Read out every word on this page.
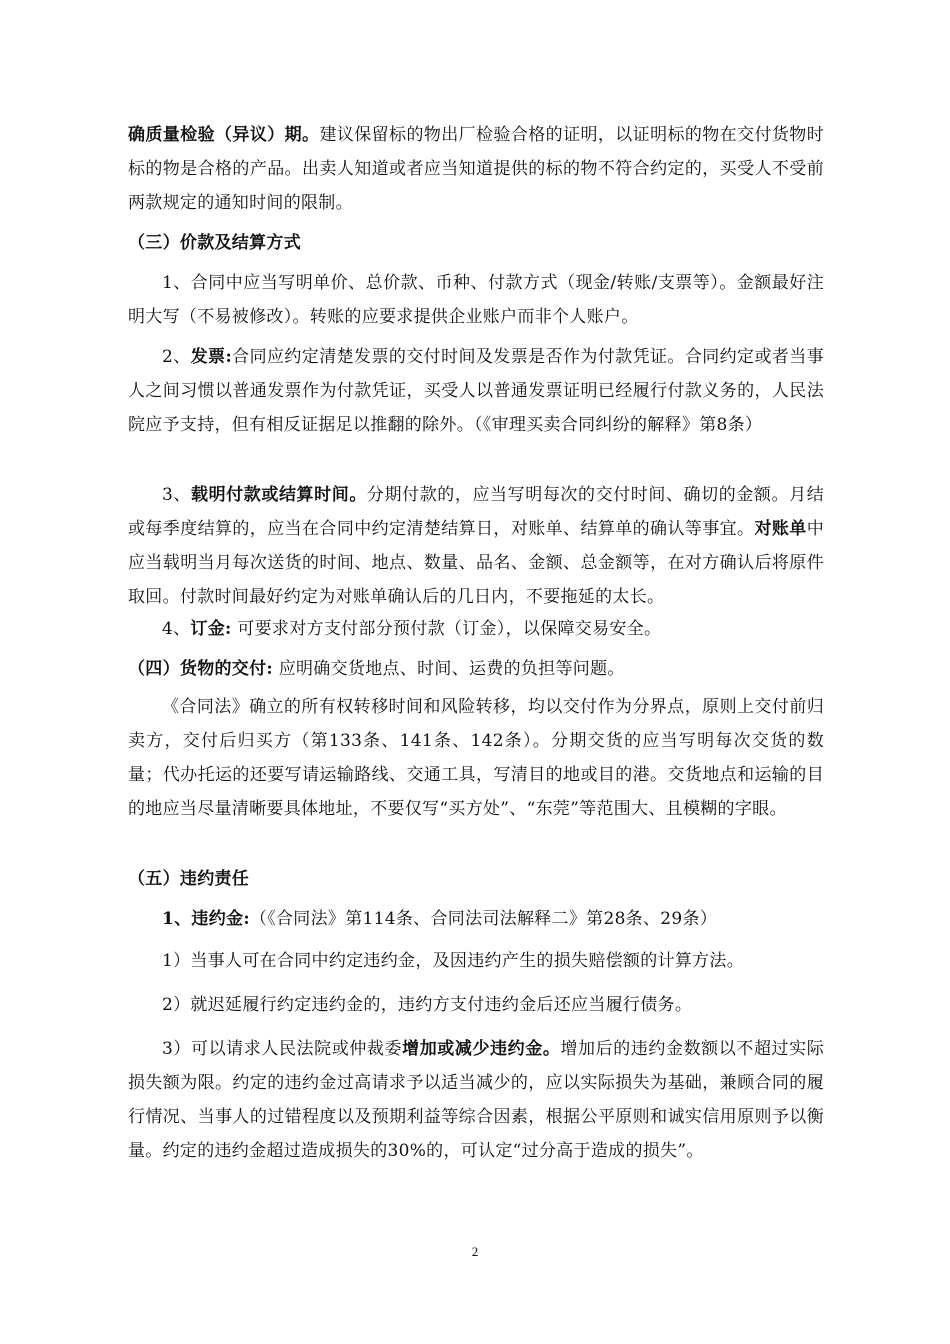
确质量检验（异议）期。建议保留标的物出厂检验合格的证明，以证明标的物在交付货物时标的物是合格的产品。出卖人知道或者应当知道提供的标的物不符合约定的，买受人不受前两款规定的通知时间的限制。

（三）价款及结算方式

1、合同中应当写明单价、总价款、币种、付款方式（现金/转账/支票等）。金额最好注明大写（不易被修改）。转账的应要求提供企业账户而非个人账户。

2、发票:合同应约定清楚发票的交付时间及发票是否作为付款凭证。合同约定或者当事人之间习惯以普通发票作为付款凭证，买受人以普通发票证明已经履行付款义务的，人民法院应予支持，但有相反证据足以推翻的除外。（《审理买卖合同纠纷的解释》第8条）

3、载明付款或结算时间。分期付款的，应当写明每次的交付时间、确切的金额。月结或每季度结算的，应当在合同中约定清楚结算日，对账单、结算单的确认等事宜。对账单中应当载明当月每次送货的时间、地点、数量、品名、金额、总金额等，在对方确认后将原件取回。付款时间最好约定为对账单确认后的几日内，不要拖延的太长。

4、订金: 可要求对方支付部分预付款（订金），以保障交易安全。

（四）货物的交付: 应明确交货地点、时间、运费的负担等问题。

《合同法》确立的所有权转移时间和风险转移，均以交付作为分界点，原则上交付前归卖方，交付后归买方（第133条、141条、142条）。分期交货的应当写明每次交货的数量；代办托运的还要写请运输路线、交通工具，写清目的地或目的港。交货地点和运输的目的地应当尽量清晰要具体地址，不要仅写“买方处”、“东莞”等范围大、且模糊的字眼。

（五）违约责任

1、违约金:（《合同法》第114条、合同法司法解释二》第28条、29条）

1）当事人可在合同中约定违约金，及因违约产生的损失赔偿额的计算方法。

2）就迟延履行约定违约金的，违约方支付违约金后还应当履行债务。

3）可以请求人民法院或仲裁委增加或减少违约金。增加后的违约金数额以不超过实际损失额为限。约定的违约金过高请求予以适当减少的，应以实际损失为基础，兼顾合同的履行情况、当事人的过错程度以及预期利益等综合因素，根据公平原则和诚实信用原则予以衡量。约定的违约金超过造成损失的30%的，可认定“过分高于造成的损失”。

2
